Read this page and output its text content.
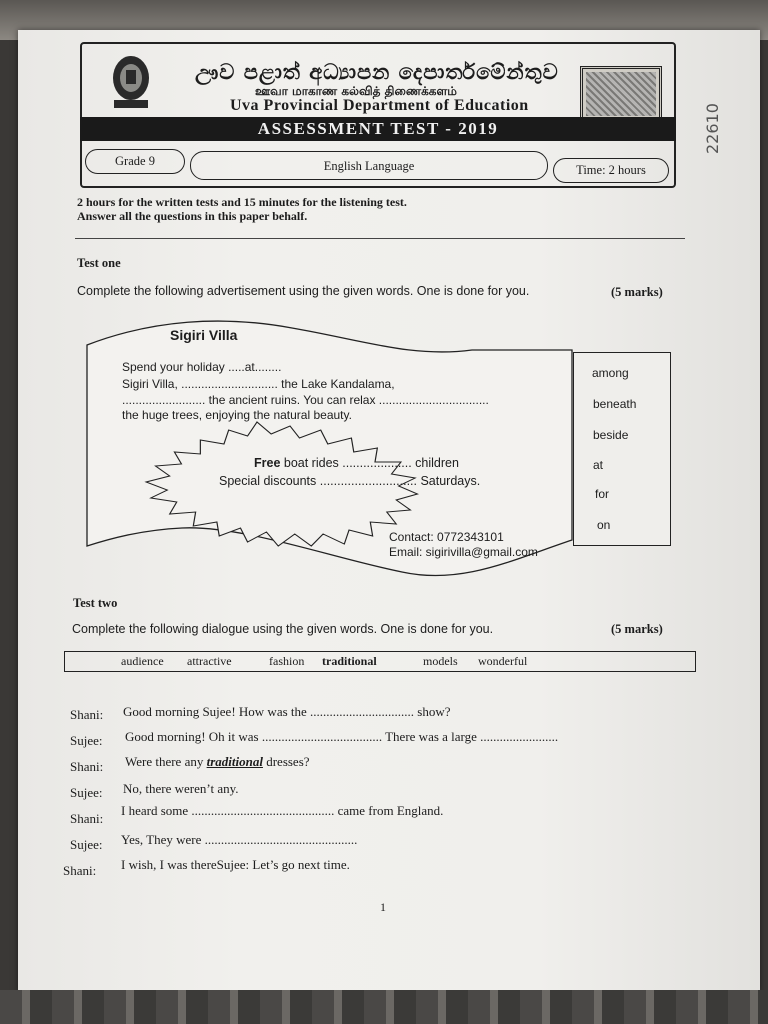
ඌව පළාත් අධ්‍යාපන දෙපාර්තමේන්තුව
ஊவா மாகாண கல்வித் திணைக்களம்
Uva Provincial Department of Education
ASSESSMENT TEST - 2019
Grade 9	English Language	Time: 2 hours
22610
2 hours for the written tests and 15 minutes for the listening test.
Answer all the questions in this paper behalf.
Test one
Complete the following advertisement using the given words. One is done for you.	(5 marks)
Sigiri Villa
Spend your holiday .....at........
Sigiri Villa, ............................. the Lake Kandalama,
......................... the ancient ruins. You can relax .................................
the huge trees, enjoying the natural beauty.
Free boat rides .................... children
Special discounts ............................ Saturdays.
Contact: 0772343101
Email: sigirivilla@gmail.com
among
beneath
beside
at
for
on
Test two
Complete the following dialogue using the given words. One is done for you.	(5 marks)
audience attractive	fashion traditional	models wonderful
Shani: Good morning Sujee! How was the ................................ show?
Sujee: Good morning! Oh it was ..................................... There was a large ........................
Shani: Were there any traditional dresses?
Sujee: No, there weren’t any.
Shani:
I heard some ............................................ came from England.
Sujee: Yes, They were ...............................................
Shani: I wish, I was thereSujee: Let’s go next time.
1
